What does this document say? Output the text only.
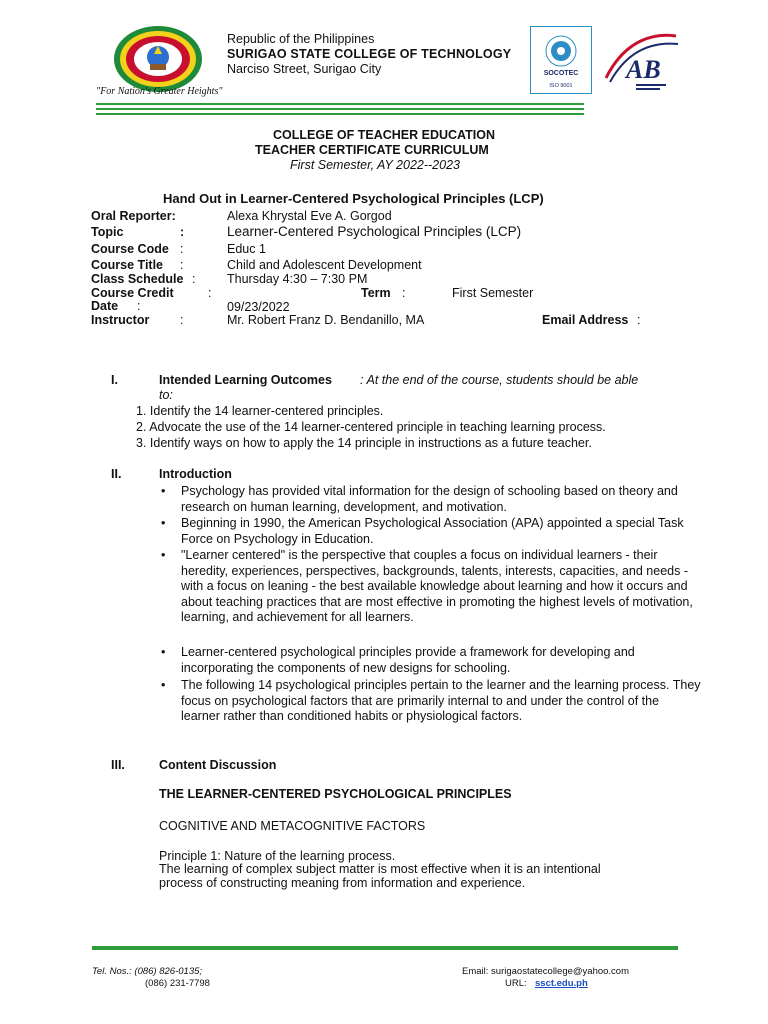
"For Nation's Greater Heights"
Republic of the Philippines
SURIGAO STATE COLLEGE OF TECHNOLOGY
Narciso Street, Surigao City	SOCOTEC
ISO 9001
AB
COLLEGE OF TEACHER EDUCATION
TEACHER CERTIFICATE CURRICULUM
First Semester, AY 2022--2023
Hand Out in Learner-Centered Psychological Principles (LCP)
Oral Reporter:	Alexa Khrystal Eve A. Gorgod
Topic	:	Learner-Centered Psychological Principles (LCP)
Course Code :	Educ 1
Course Title :	Child and Adolescent Development
Class Schedule :	Thursday 4:30 – 7:30 PM
Course Credit	:	Term :	First Semester
Date :	09/23/2022
Instructor :	Mr. Robert Franz D. Bendanillo, MA	Email Address :
I.	Intended Learning Outcomes : At the end of the course, students should be able
to:
1. Identify the 14 learner-centered principles.
2. Advocate the use of the 14 learner-centered principle in teaching learning process.
3. Identify ways on how to apply the 14 principle in instructions as a future teacher.
II.	Introduction
• Psychology has provided vital information for the design of schooling based on theory and research on human learning, development, and motivation.
• Beginning in 1990, the American Psychological Association (APA) appointed a special Task Force on Psychology in Education.
• "Learner centered" is the perspective that couples a focus on individual learners - their heredity, experiences, perspectives, backgrounds, talents, interests, capacities, and needs - with a focus on leaning - the best available knowledge about learning and how it occurs and about teaching practices that are most effective in promoting the highest levels of motivation, learning, and achievement for all learners.
• Learner-centered psychological principles provide a framework for developing and incorporating the components of new designs for schooling.
• The following 14 psychological principles pertain to the learner and the learning process. They focus on psychological factors that are primarily internal to and under the control of the learner rather than conditioned habits or physiological factors.
III.	Content Discussion
THE LEARNER-CENTERED PSYCHOLOGICAL PRINCIPLES
COGNITIVE AND METACOGNITIVE FACTORS
Principle 1: Nature of the learning process.
The learning of complex subject matter is most effective when it is an intentional
process of constructing meaning from information and experience.
Tel. Nos.: (086) 826-0135;
(086) 231-7798
Email: surigaostatecollege@yahoo.com
URL: ssct.edu.ph
